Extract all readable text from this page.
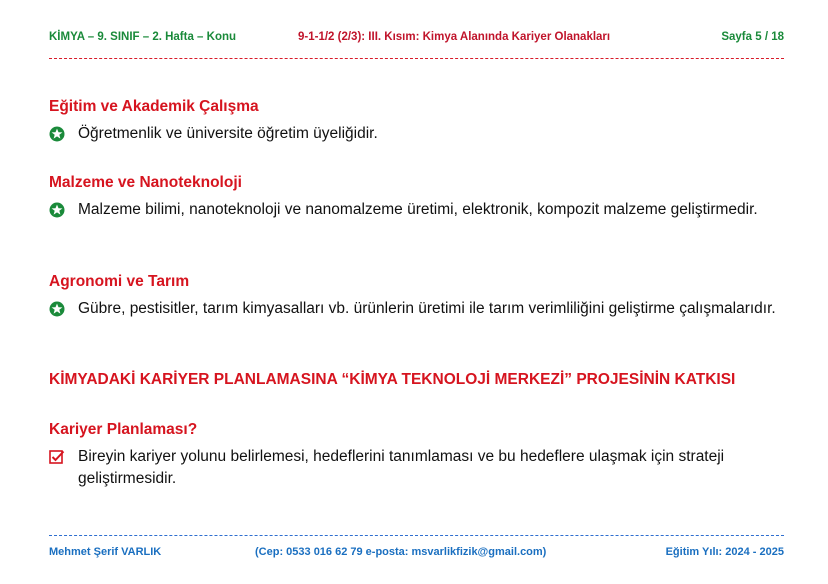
KİMYA – 9. SINIF – 2. Hafta – Konu	9-1-1/2 (2/3): III. Kısım: Kimya Alanında Kariyer Olanakları	Sayfa 5 / 18
Eğitim ve Akademik Çalışma
Öğretmenlik ve üniversite öğretim üyeliğidir.
Malzeme ve Nanoteknoloji
Malzeme bilimi, nanoteknoloji ve nanomalzeme üretimi, elektronik, kompozit malzeme geliştirmedir.
Agronomi ve Tarım
Gübre, pestisitler, tarım kimyasalları vb. ürünlerin üretimi ile tarım verimliliğini geliştirme çalışmalarıdır.
KİMYADAKİ KARİYER PLANLAMASINA “KİMYA TEKNOLOJİ MERKEZİ” PROJESİNİN KATKISI
Kariyer Planlaması?
Bireyin kariyer yolunu belirlemesi, hedeflerini tanımlaması ve bu hedeflere ulaşmak için strateji geliştirmesidir.
Mehmet Şerif VARLIK	(Cep: 0533 016 62 79 e-posta: msvarlikfizik@gmail.com)	Eğitim Yılı: 2024 - 2025
